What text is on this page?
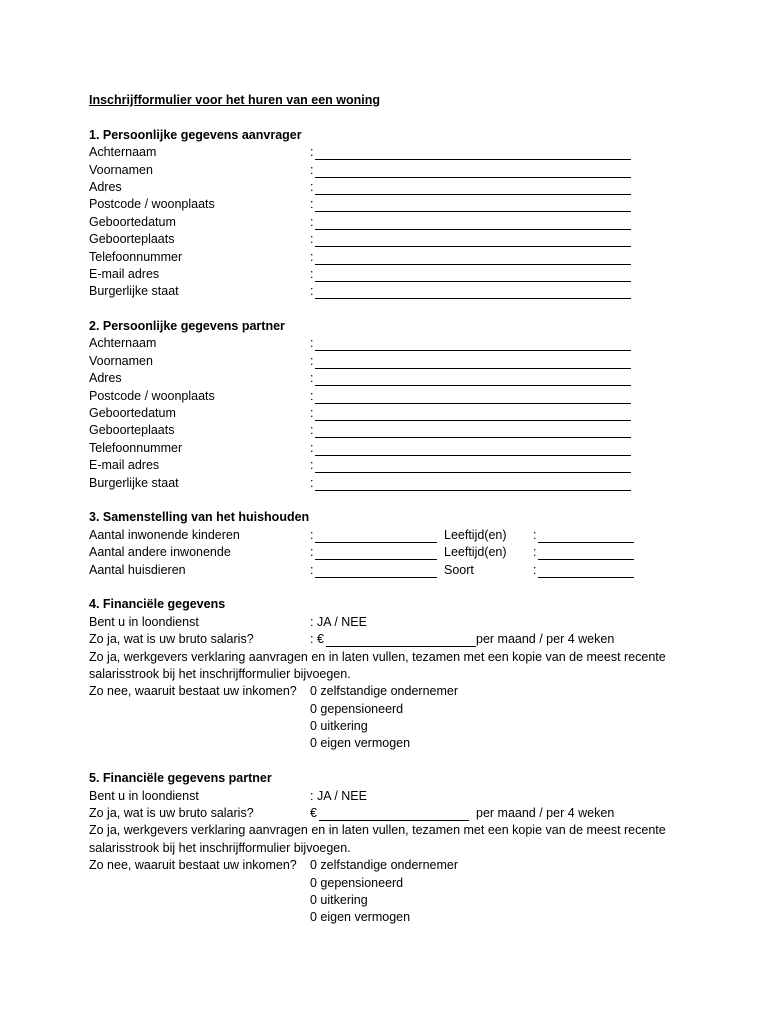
Inschrijfformulier voor het huren van een woning
1. Persoonlijke gegevens aanvrager
Achternaam	:
Voornamen	:
Adres	:
Postcode / woonplaats	:
Geboortedatum	:
Geboorteplaats	:
Telefoonnummer	:
E-mail adres	:
Burgerlijke staat	:
2. Persoonlijke gegevens partner
Achternaam	:
Voornamen	:
Adres	:
Postcode / woonplaats	:
Geboortedatum	:
Geboorteplaats	:
Telefoonnummer	:
E-mail adres	:
Burgerlijke staat	:
3. Samenstelling van het huishouden
Aantal inwonende kinderen	:	Leeftijd(en) :
Aantal andere inwonende	:	Leeftijd(en) :
Aantal huisdieren	:	Soort	:
4. Financiële gegevens
Bent u in loondienst	: JA / NEE
Zo ja, wat is uw bruto salaris?	: €	per maand / per 4 weken
Zo ja, werkgevers verklaring aanvragen en in laten vullen, tezamen met een kopie van de meest recente
salarisstrook bij het inschrijfformulier bijvoegen.
Zo nee, waaruit bestaat uw inkomen? 0 zelfstandige ondernemer
0 gepensioneerd
0 uitkering
0 eigen vermogen
5. Financiële gegevens partner
Bent u in loondienst	: JA / NEE
Zo ja, wat is uw bruto salaris?	€	per maand / per 4 weken
Zo ja, werkgevers verklaring aanvragen en in laten vullen, tezamen met een kopie van de meest recente
salarisstrook bij het inschrijfformulier bijvoegen.
Zo nee, waaruit bestaat uw inkomen? 0 zelfstandige ondernemer
0 gepensioneerd
0 uitkering
0 eigen vermogen
